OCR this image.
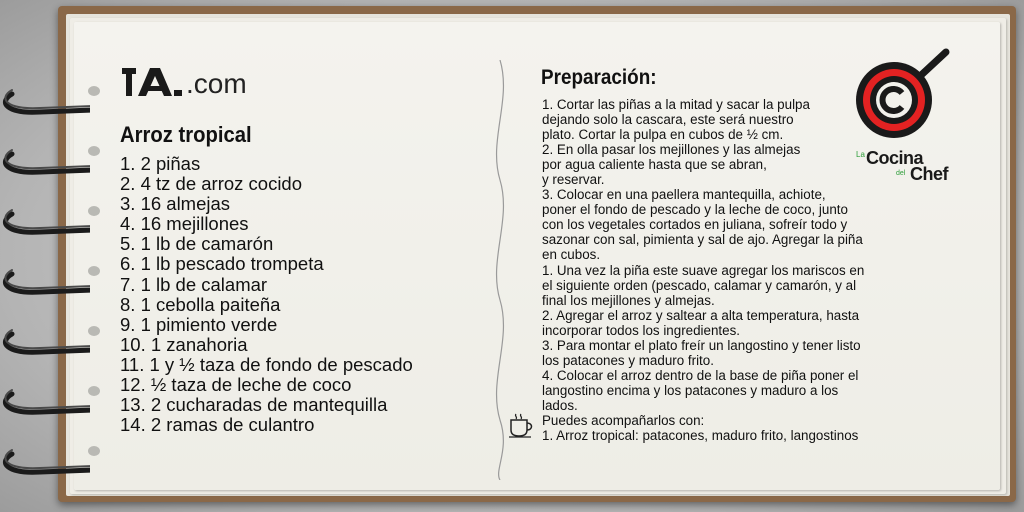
.com
Arroz tropical
1. 2 piñas
2. 4 tz de arroz cocido
3. 16 almejas
4. 16 mejillones
5. 1 lb de camarón
6. 1 lb pescado trompeta
7. 1 lb de calamar
8. 1 cebolla paiteña
9. 1 pimiento verde
10. 1 zanahoria
11. 1 y ½ taza de fondo de pescado
12. ½ taza de leche de coco
13. 2 cucharadas de mantequilla
14. 2 ramas de culantro
Preparación:
1. Cortar las piñas a la mitad y sacar la pulpa
dejando solo la cascara, este será nuestro
plato. Cortar la pulpa en cubos de ½ cm.
2. En olla pasar los mejillones y las almejas
por agua caliente hasta que se abran,
y reservar.
3. Colocar en una paellera mantequilla, achiote,
poner el fondo de pescado y la leche de coco, junto
con los vegetales cortados en juliana, sofreír todo y
sazonar con sal, pimienta y sal de ajo. Agregar la piña
en cubos.
1. Una vez la piña este suave agregar los mariscos en
el siguiente orden (pescado, calamar y camarón, y al
final los mejillones y almejas.
2. Agregar el arroz y saltear a alta temperatura, hasta
incorporar todos los ingredientes.
3. Para montar el plato freír un langostino y tener listo
los patacones y maduro frito.
4. Colocar el arroz dentro de la base de piña poner el
langostino encima y los patacones y maduro a los
lados.
Puedes acompañarlos con:
1. Arroz tropical: patacones, maduro frito, langostinos
La Cocina
del Chef
